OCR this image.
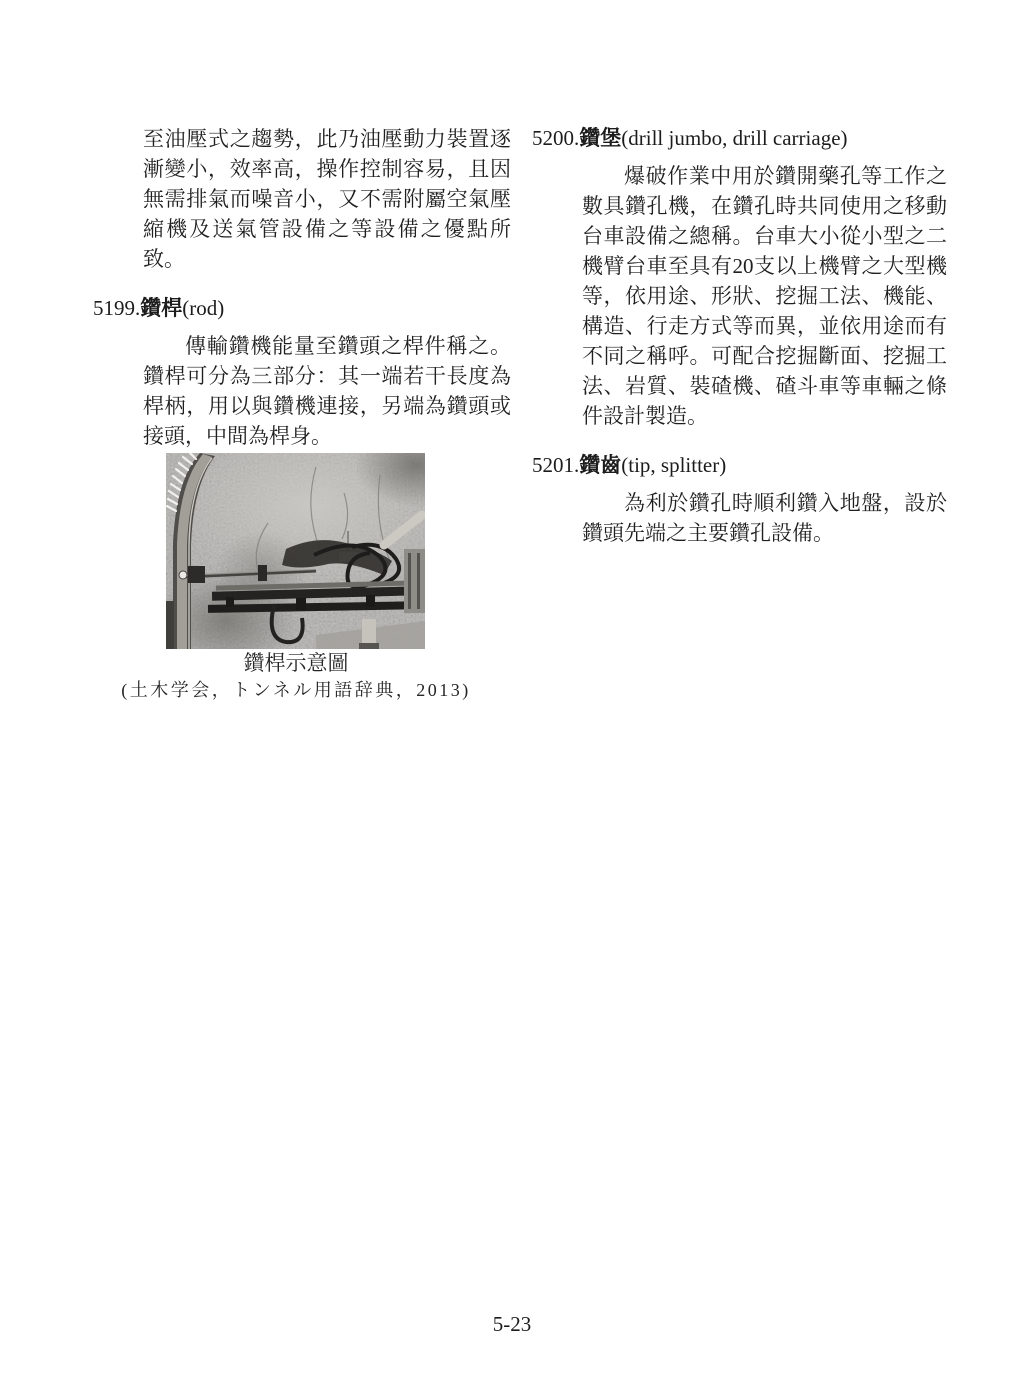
至油壓式之趨勢，此乃油壓動力裝置逐漸變小，效率高，操作控制容易，且因無需排氣而噪音小，又不需附屬空氣壓縮機及送氣管設備之等設備之優點所致。

5199.鑽桿(rod)

傳輸鑽機能量至鑽頭之桿件稱之。鑽桿可分為三部分：其一端若干長度為桿柄，用以與鑽機連接，另端為鑽頭或接頭，中間為桿身。

鑽桿示意圖
(土木学会，トンネル用語辞典，2013)
5200.鑽堡(drill jumbo, drill carriage)

爆破作業中用於鑽開藥孔等工作之數具鑽孔機，在鑽孔時共同使用之移動台車設備之總稱。台車大小從小型之二機臂台車至具有20支以上機臂之大型機等，依用途、形狀、挖掘工法、機能、構造、行走方式等而異，並依用途而有不同之稱呼。可配合挖掘斷面、挖掘工法、岩質、裝碴機、碴斗車等車輛之條件設計製造。

5201.鑽齒(tip, splitter)

為利於鑽孔時順利鑽入地盤，設於鑽頭先端之主要鑽孔設備。

5-23
